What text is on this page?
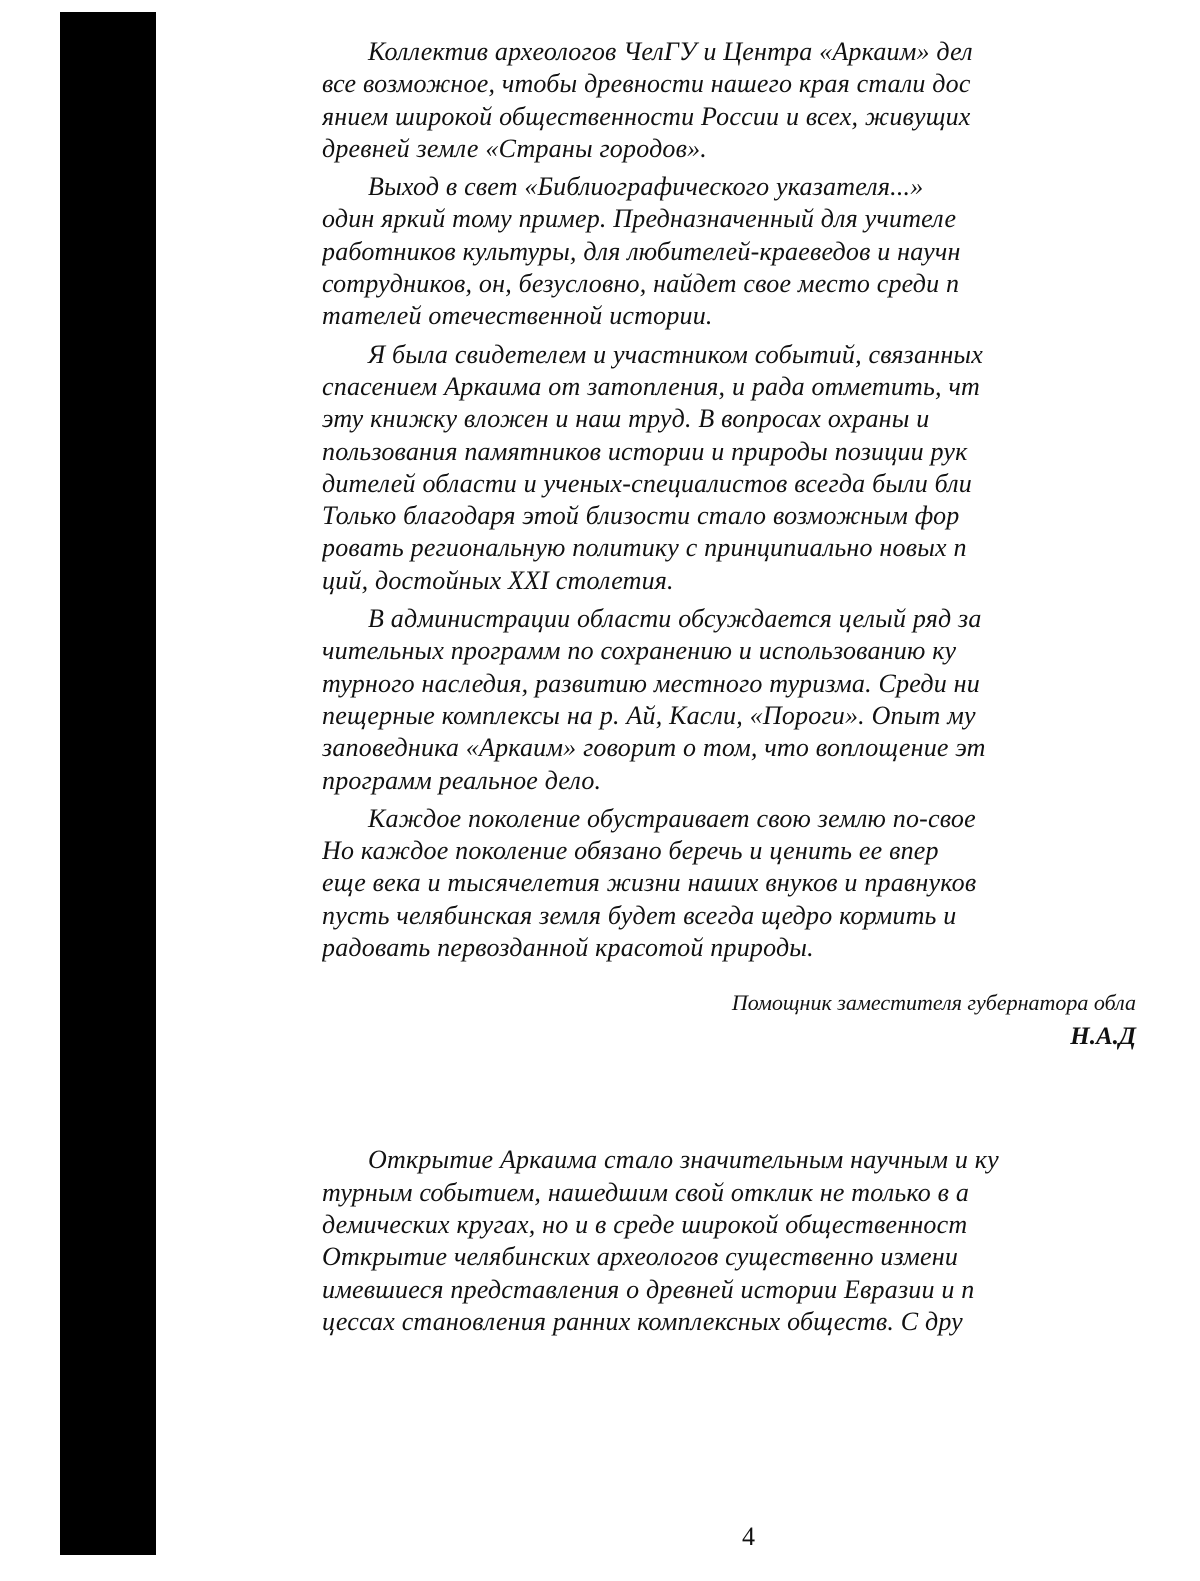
Коллектив археологов ЧелГУ и Центра «Аркаим» дел
все возможное, чтобы древности нашего края стали дос
янием широкой общественности России и всех, живущих
древней земле «Страны городов».
Выход в свет «Библиографического указателя...»
один яркий тому пример. Предназначенный для учителе
работников культуры, для любителей-краеведов и научн
сотрудников, он, безусловно, найдет свое место среди п
тателей отечественной истории.
Я была свидетелем и участником событий, связанных
спасением Аркаима от затопления, и рада отметить, чт
эту книжку вложен и наш труд. В вопросах охраны и
пользования памятников истории и природы позиции рук
дителей области и ученых-специалистов всегда были бли
Только благодаря этой близости стало возможным фор
ровать региональную политику с принципиально новых п
ций, достойных XXI столетия.
В администрации области обсуждается целый ряд за
чительных программ по сохранению и использованию ку
турного наследия, развитию местного туризма. Среди ни
пещерные комплексы на р. Ай, Касли, «Пороги». Опыт му
заповедника «Аркаим» говорит о том, что воплощение эт
программ реальное дело.
Каждое поколение обустраивает свою землю по-свое
Но каждое поколение обязано беречь и ценить ее впер
еще века и тысячелетия жизни наших внуков и правнуков
пусть челябинская земля будет всегда щедро кормить и
радовать первозданной красотой природы.
Помощник заместителя губернатора обла
Н.А.Д
Открытие Аркаима стало значительным научным и ку
турным событием, нашедшим свой отклик не только в а
демических кругах, но и в среде широкой общественност
Открытие челябинских археологов существенно измени
имевшиеся представления о древней истории Евразии и п
цессах становления ранних комплексных обществ. С дру
4
